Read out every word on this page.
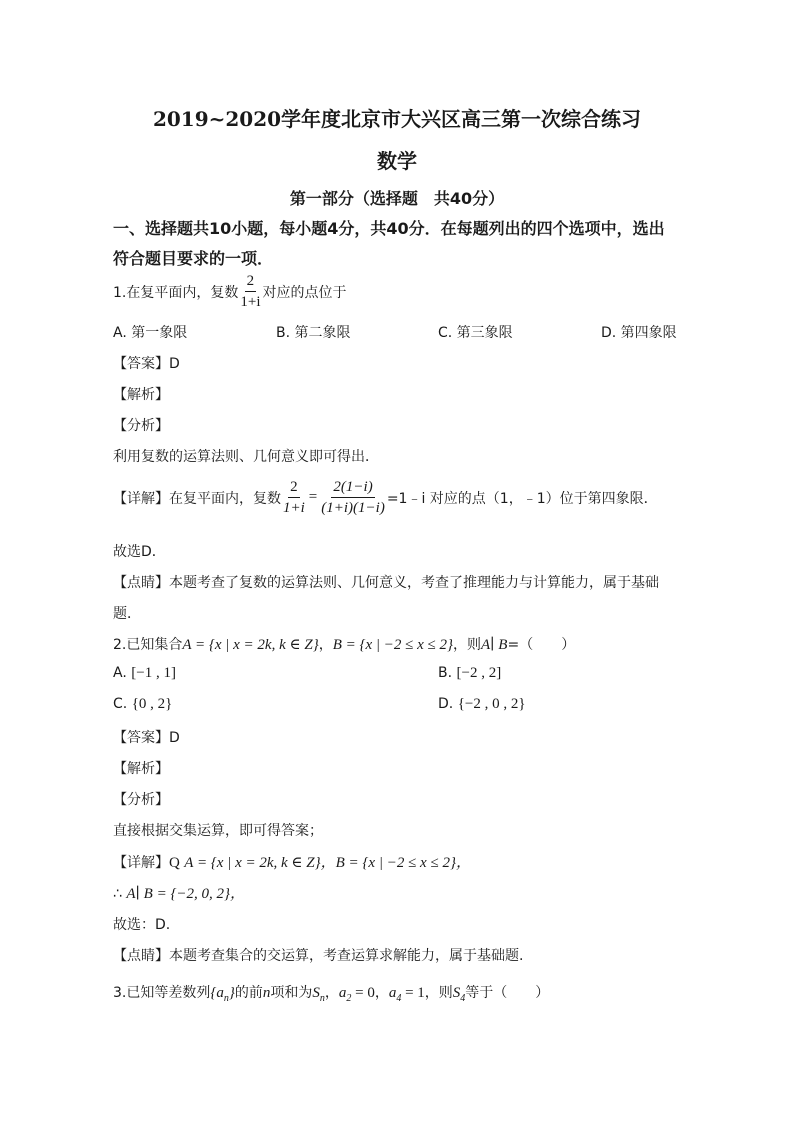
2019~2020学年度北京市大兴区高三第一次综合练习
数学
第一部分（选择题　共40分）
一、选择题共10小题，每小题4分，共40分．在每题列出的四个选项中，选出
符合题目要求的一项．
1.在复平面内，复数 $\frac{2}{1+i}$ 对应的点位于
A. 第一象限	B. 第二象限	C. 第三象限	D. 第四象限
【答案】D
【解析】
【分析】
利用复数的运算法则、几何意义即可得出．
【详解】 在复平面内，复数 $\frac{2}{1+i} = \frac{2(1-i)}{(1+i)(1-i)}$ =1﹣i 对应的点（1，﹣1）位于第四象限．
故选D．
【点睛】本题考查了复数的运算法则、几何意义，考查了推理能力与计算能力，属于基础
题．
2.已知集合A = {x | x = 2k, k ∈ Z}，B = {x | −2 ≤ x ≤ 2}，则A∣ B=（　　）
A. [−1 , 1]	B. [−2 , 2]
C. {0 , 2}	D. {−2 , 0 , 2}
【答案】D
【解析】
【分析】
直接根据交集运算，即可得答案；
【详解】Q A = {x | x = 2k, k ∈ Z}，B = {x | −2 ≤ x ≤ 2}，
∴ A∣ B = {−2, 0, 2}，
故选：D.
【点睛】本题考查集合的交运算，考查运算求解能力，属于基础题.
3.已知等差数列$\{a_n\}$的前n项和为$S_n$，$a_2 = 0$，$a_4 = 1$，则$S_4$等于（　　）
